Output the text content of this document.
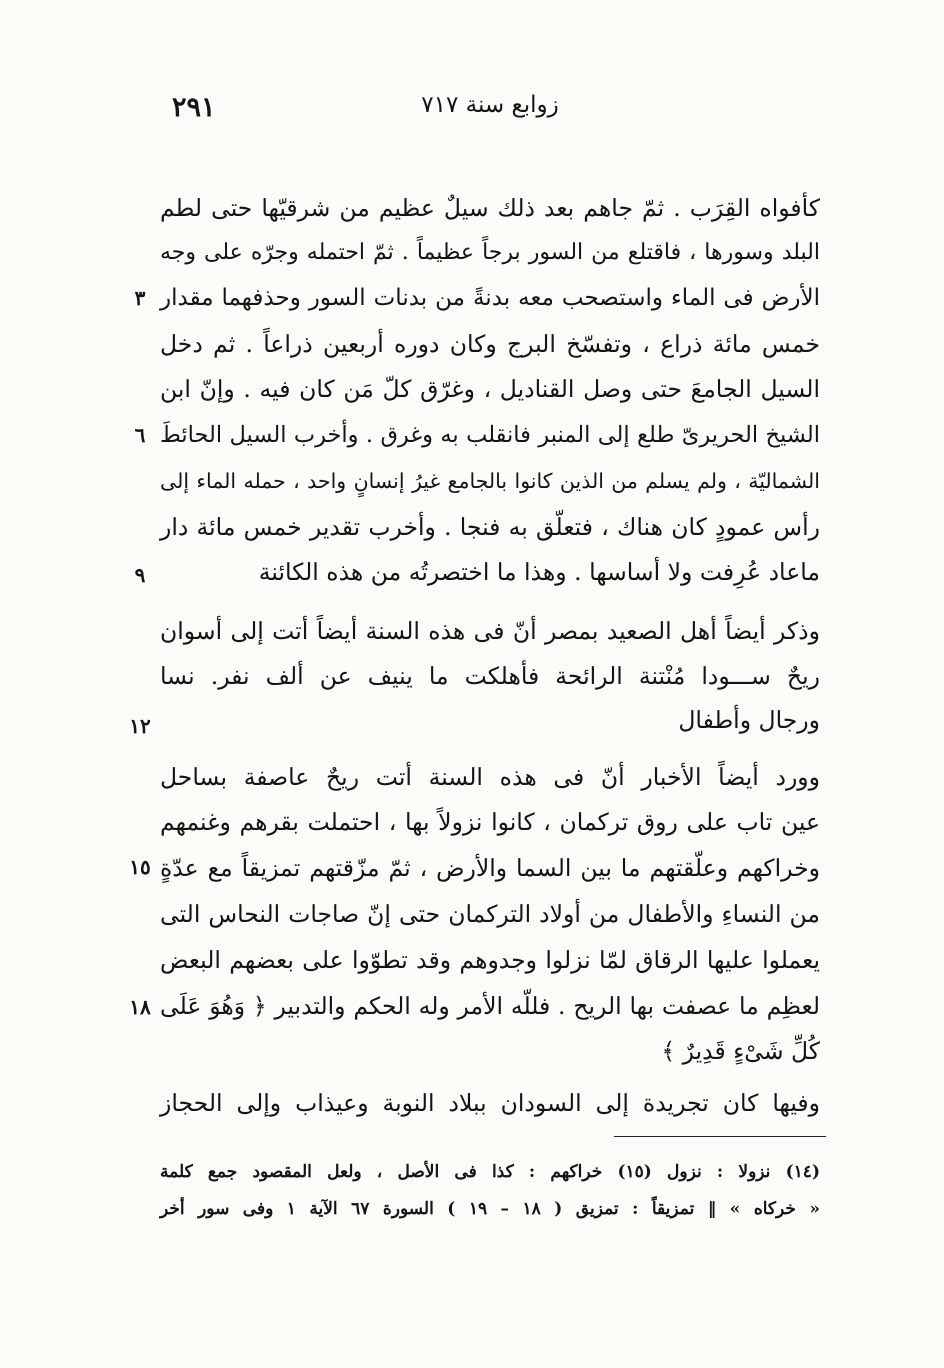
٢٩١	زوابع سنة ٧١٧
كأفواه القِرَب . ثمّ جاهم بعد ذلك سيلٌ عظيم من شرقيّها حتى لطم
البلد وسورها ، فاقتلع من السور برجاً عظيماً . ثمّ احتمله وجرّه على وجه
الأرض فى الماء واستصحب معه بدنةً من بدنات السور وحذفهما مقدار
خمس مائة ذراع ، وتفسّخ البرج وكان دوره أربعين ذراعاً . ثم دخل
السيل الجامعَ حتى وصل القناديل ، وغرّق كلّ مَن كان فيه . وإنّ ابن
الشيخ الحريرىّ طلع إلى المنبر فانقلب به وغرق . وأخرب السيل الحائطَ
الشماليّة ، ولم يسلم من الذين كانوا بالجامع غيرُ إنسانٍ واحد ، حمله الماء إلى
رأس عمودٍ كان هناك ، فتعلّق به فنجا . وأخرب تقدير خمس مائة دار
ماعاد عُرِفت ولا أساسها . وهذا ما اختصرتُه من هذه الكائنة
وذكر أيضاً أهل الصعيد بمصر أنّ فى هذه السنة أيضاً أتت إلى أسوان
ريحٌ ســـودا مُنْتنة الرائحة فأهلكت ما ينيف عن ألف نفر. نسا
ورجال وأطفال
وورد أيضاً الأخبار أنّ فى هذه السنة أتت ريحٌ عاصفة بساحل
عين تاب على روق تركمان ، كانوا نزولاً بها ، احتملت بقرهم وغنمهم
وخراكهم وعلّقتهم ما بين السما والأرض ، ثمّ مزّقتهم تمزيقاً مع عدّةٍ
من النساءِ والأطفال من أولاد التركمان حتى إنّ صاجات النحاس التى
يعملوا عليها الرقاق لمّا نزلوا وجدوهم وقد تطوّوا على بعضهم البعض
لعظِم ما عصفت بها الريح . فللّه الأمر وله الحكم والتدبير ﴿ وَهُوَ عَلَى
كُلِّ شَىْءٍ قَدِيرٌ ﴾
وفيها كان تجريدة إلى السودان ببلاد النوبة وعيذاب وإلى الحجاز
٣
٦
٩
١٢
١٥
١٨
(١٤) نزولا : نزول (١٥) خراكهم : كذا فى الأصل ، ولعل المقصود جمع كلمة
« خركاه » ‖ تمزيقاً : تمزيق ( ١٨ – ١٩ ) السورة ٦٧ الآية ١ وفى سور أخر
